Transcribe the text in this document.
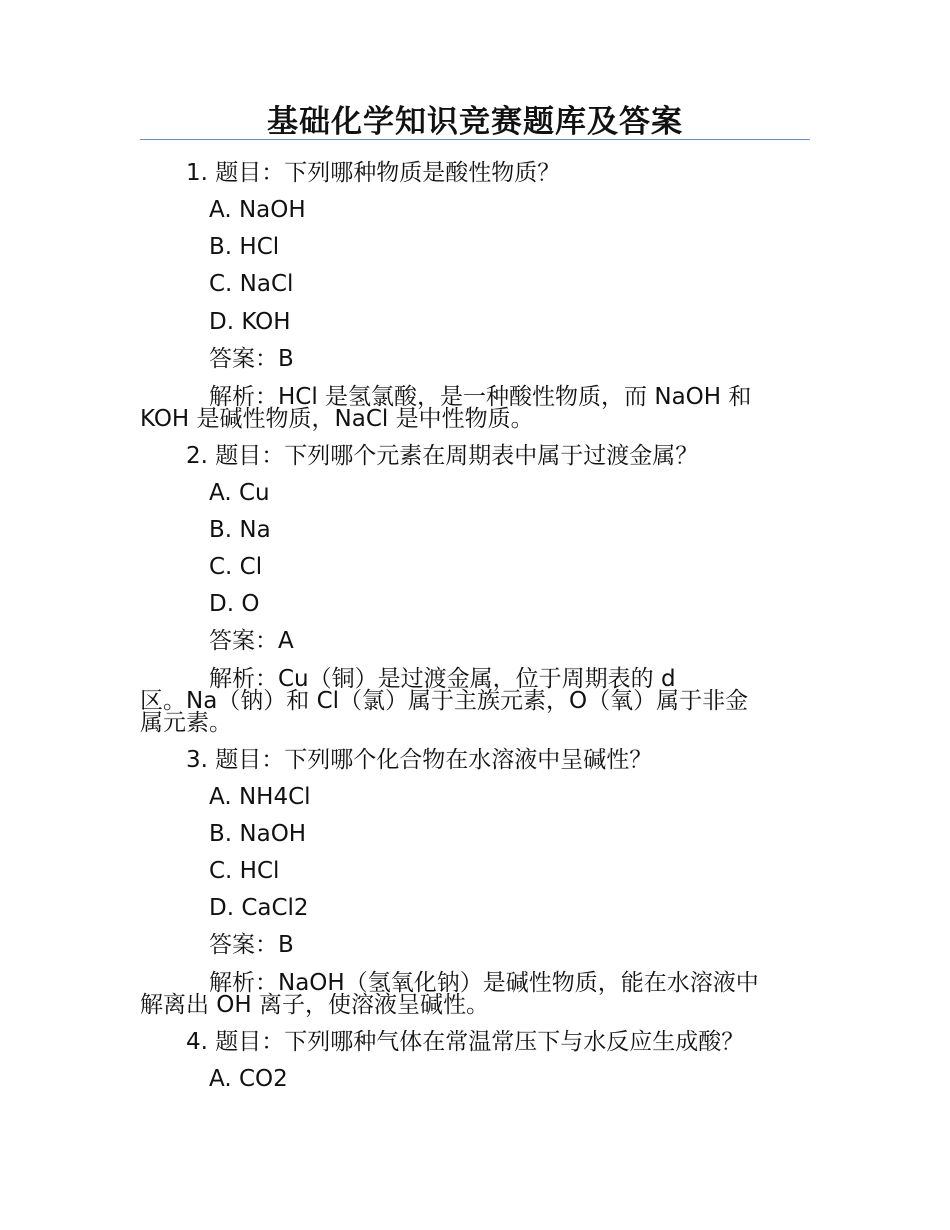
基础化学知识竞赛题库及答案
1. 题目：下列哪种物质是酸性物质？
A. NaOH
B. HCl
C. NaCl
D. KOH
答案：B
解析：HCl 是氢氯酸，是一种酸性物质，而 NaOH 和
KOH 是碱性物质，NaCl 是中性物质。
2. 题目：下列哪个元素在周期表中属于过渡金属？
A. Cu
B. Na
C. Cl
D. O
答案：A
解析：Cu（铜）是过渡金属，位于周期表的 d
区。Na（钠）和 Cl（氯）属于主族元素，O（氧）属于非金
属元素。
3. 题目：下列哪个化合物在水溶液中呈碱性？
A. NH4Cl
B. NaOH
C. HCl
D. CaCl2
答案：B
解析：NaOH（氢氧化钠）是碱性物质，能在水溶液中
解离出 OH 离子，使溶液呈碱性。
4. 题目：下列哪种气体在常温常压下与水反应生成酸？
A. CO2
